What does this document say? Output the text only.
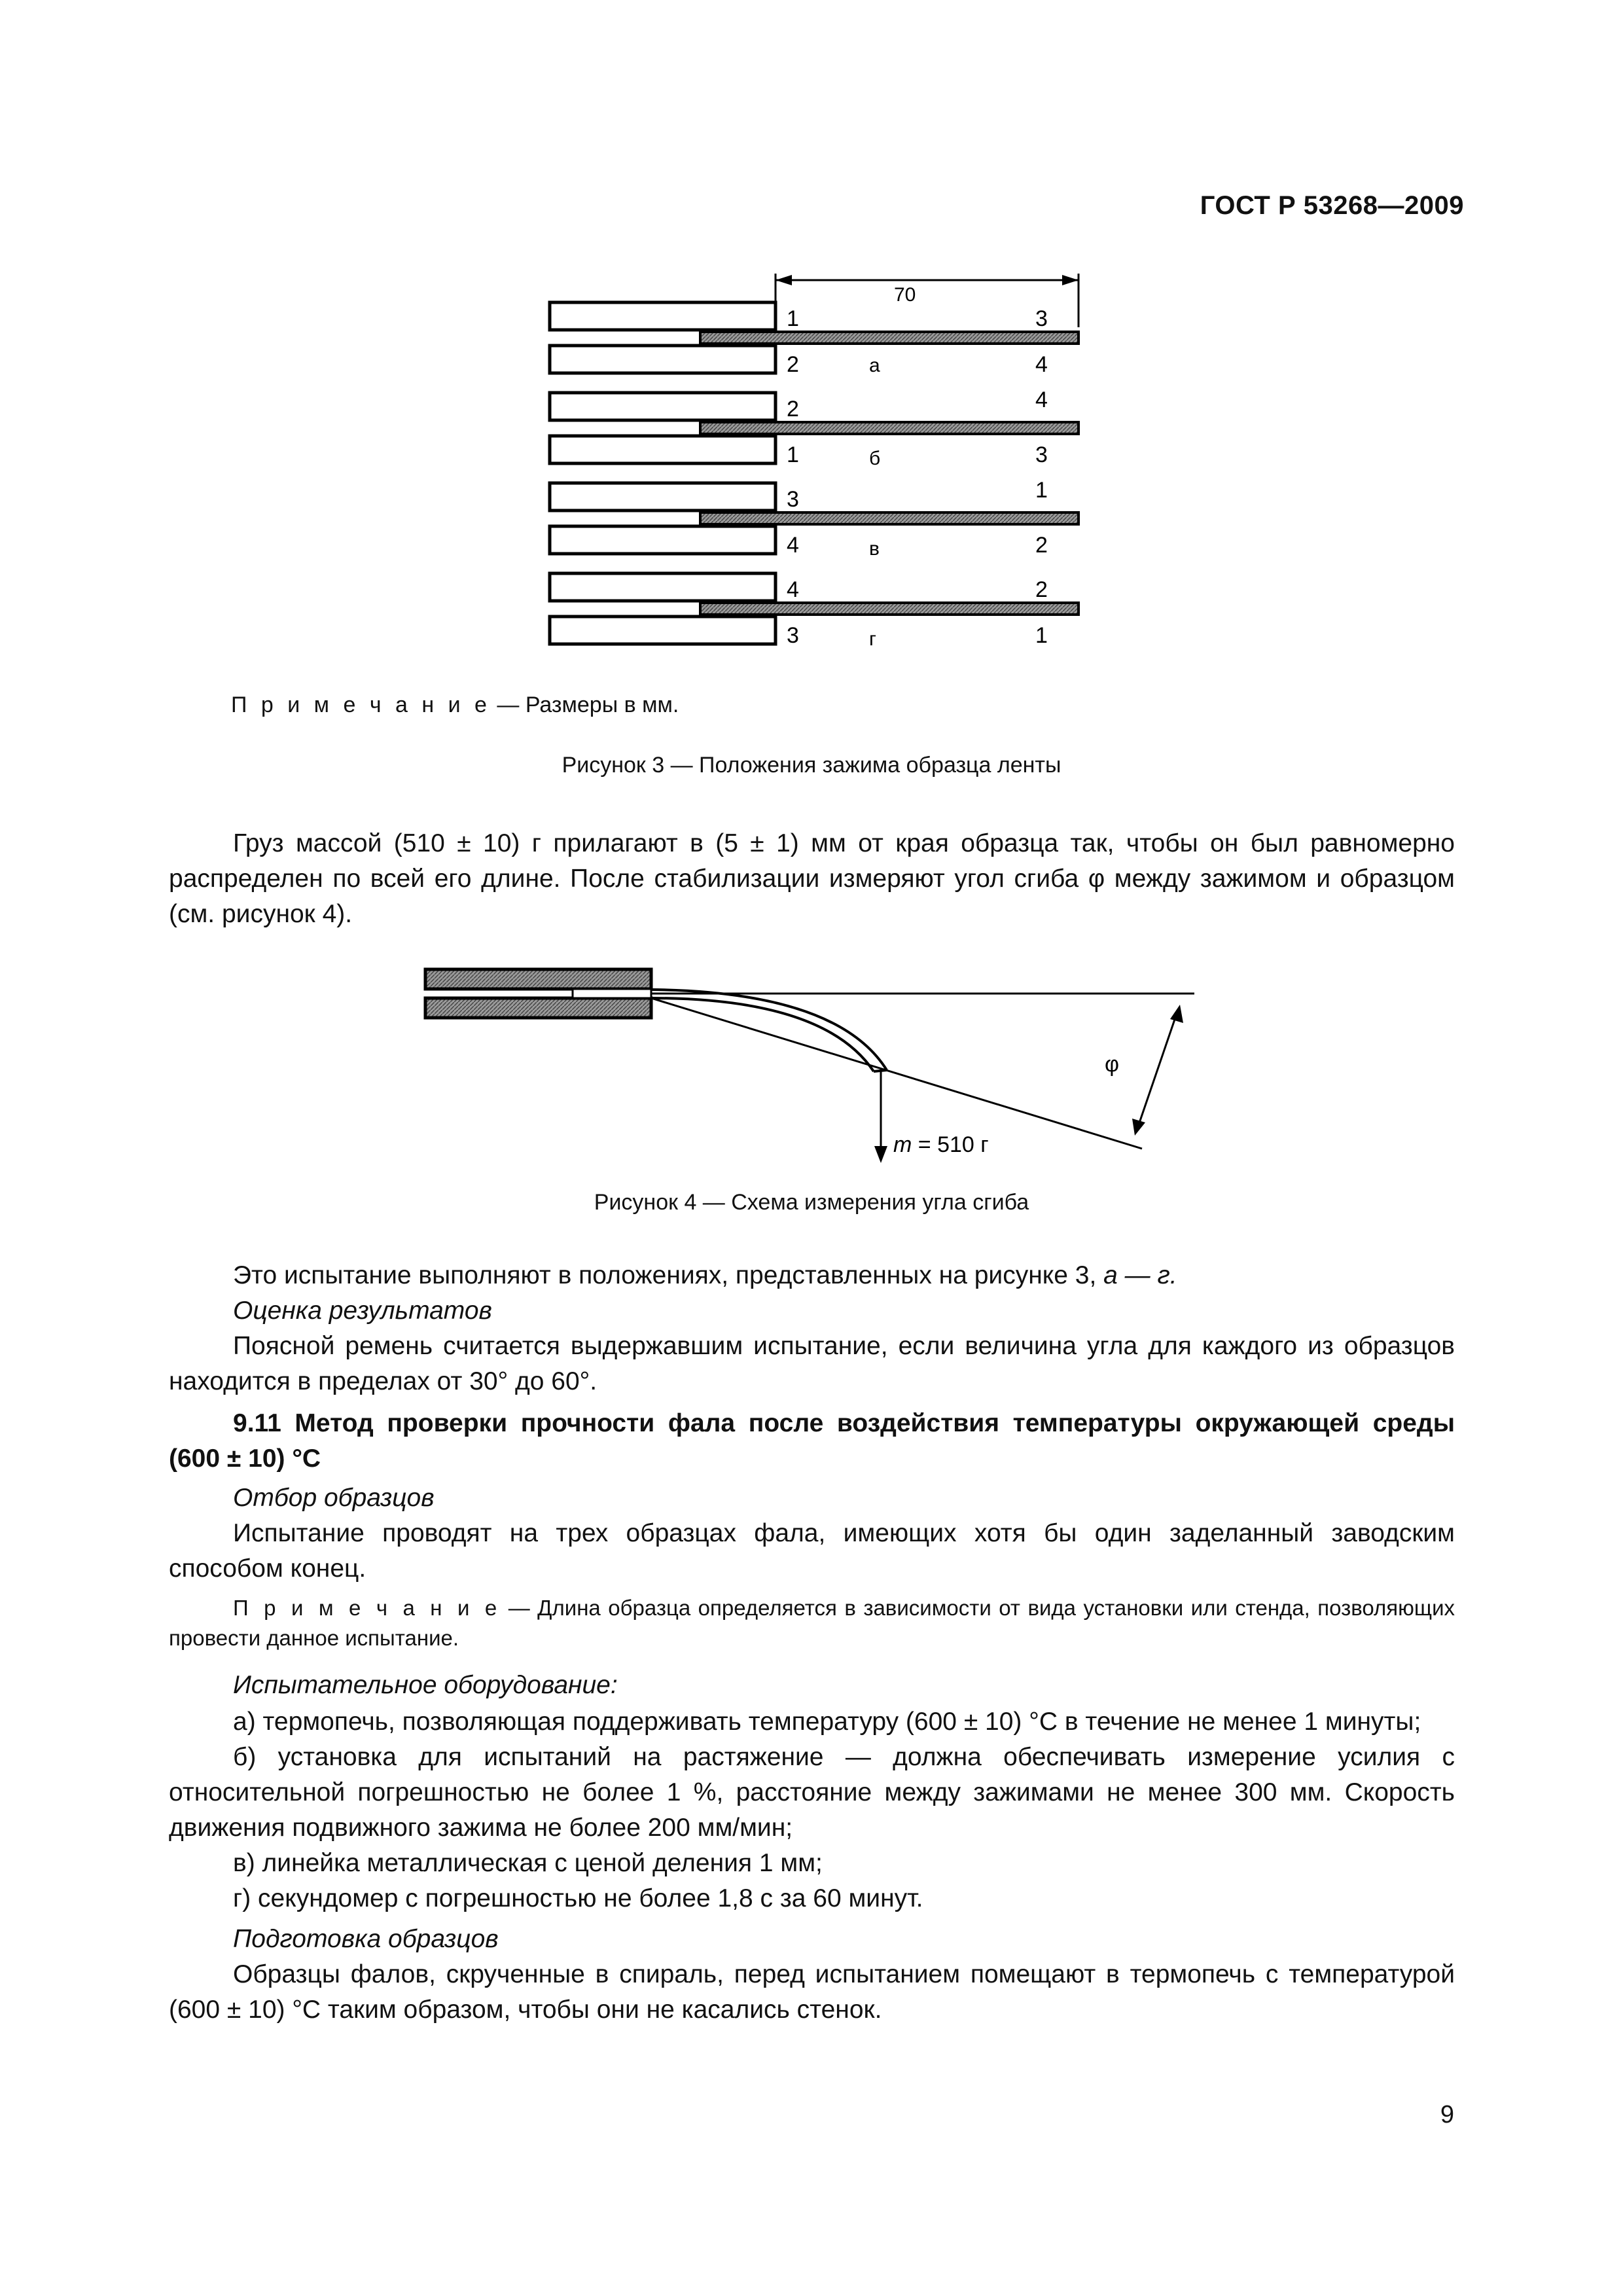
ГОСТ Р 53268—2009
70
1	3
2	а	4
2	4
1	б	3
3	1
4	в	2
4	2
3	г	1
П р и м е ч а н и е — Размеры в мм.
Рисунок 3 — Положения зажима образца ленты

Груз массой (510 ± 10) г прилагают в (5 ± 1) мм от края образца так, чтобы он был равномерно распределен по всей его длине. После стабилизации измеряют угол сгиба φ между зажимом и образцом (см. рисунок 4).

φ
m = 510 г
Рисунок 4 — Схема измерения угла сгиба

Это испытание выполняют в положениях, представленных на рисунке 3, а — г.

Оценка результатов

Поясной ремень считается выдержавшим испытание, если величина угла для каждого из образцов находится в пределах от 30° до 60°.

9.11 Метод проверки прочности фала после воздействия температуры окружающей среды (600 ± 10) °С

Отбор образцов

Испытание проводят на трех образцах фала, имеющих хотя бы один заделанный заводским способом конец.

П р и м е ч а н и е — Длина образца определяется в зависимости от вида установки или стенда, позволяющих провести данное испытание.

Испытательное оборудование:

а) термопечь, позволяющая поддерживать температуру (600 ± 10) °С в течение не менее 1 минуты;

б) установка для испытаний на растяжение — должна обеспечивать измерение усилия с относительной погрешностью не более 1 %, расстояние между зажимами не менее 300 мм. Скорость движения подвижного зажима не более 200 мм/мин;

в) линейка металлическая с ценой деления 1 мм;

г) секундомер с погрешностью не более 1,8 с за 60 минут.

Подготовка образцов

Образцы фалов, скрученные в спираль, перед испытанием помещают в термопечь с температурой (600 ± 10) °С таким образом, чтобы они не касались стенок.

9
